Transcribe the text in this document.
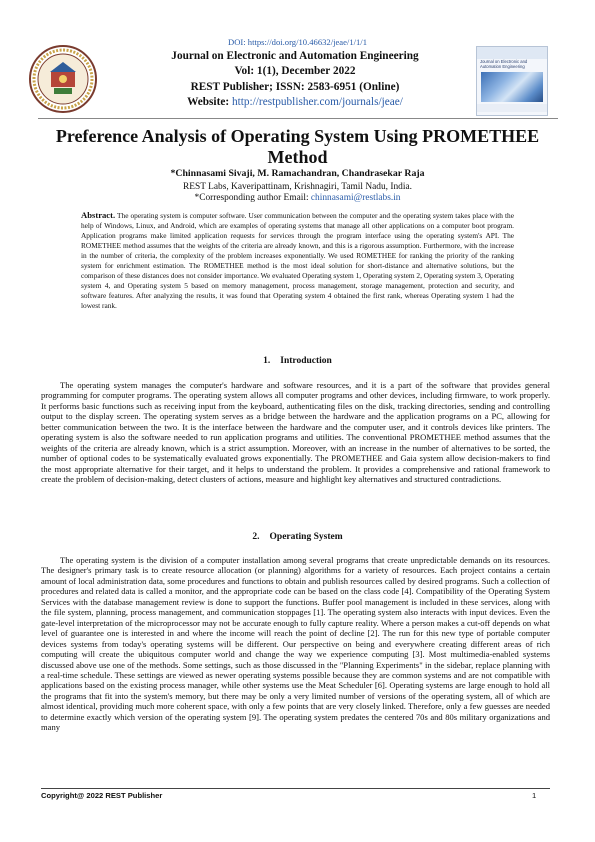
DOI: https://doi.org/10.46632/jeae/1/1/1
Journal on Electronic and Automation Engineering
Journal on Electronic and Automation Engineering
Vol: 1(1), December 2022
REST Publisher; ISSN: 2583-6951 (Online)
Website: http://restpublisher.com/journals/jeae/
Preference Analysis of Operating System Using PROMETHEE Method
*Chinnasami Sivaji, M. Ramachandran, Chandrasekar Raja
REST Labs, Kaveripattinam, Krishnagiri, Tamil Nadu, India.
*Corresponding author Email: chinnasami@restlabs.in
Abstract. The operating system is computer software. User communication between the computer and the operating system takes place with the help of Windows, Linux, and Android, which are examples of operating systems that manage all other applications on a computer boot program. Application programs make limited application requests for services through the program interface using the operating system's API. The ROMETHEE method assumes that the weights of the criteria are already known, and this is a rigorous assumption. Furthermore, with the increase in the number of criteria, the complexity of the problem increases exponentially. We used ROMETHEE for ranking the priority of the ranking system for enrichment estimation. The ROMETHEE method is the most ideal solution for short-distance and alternative solutions, but the comparison of these distances does not consider importance. We evaluated Operating system 1, Operating system 2, Operating system 3, Operating system 4, and Operating system 5 based on memory management, process management, storage management, protection and security, and software features. After analyzing the results, it was found that Operating system 4 obtained the first rank, whereas Operating system 1 had the lowest rank.
1. Introduction
The operating system manages the computer's hardware and software resources, and it is a part of the software that provides general programming for computer programs. The operating system allows all computer programs and other devices, including firmware, to work properly. It performs basic functions such as receiving input from the keyboard, authenticating files on the disk, tracking directories, sending and controlling output to the display screen. The operating system serves as a bridge between the hardware and the application programs on a PC, allowing for better communication between the two. It is the interface between the hardware and the computer user, and it controls devices like printers. The operating system is also the software needed to run application programs and utilities. The conventional PROMETHEE method assumes that the weights of the criteria are already known, which is a strict assumption. Moreover, with an increase in the number of alternatives to be sorted, the number of optional codes to be systematically evaluated grows exponentially. The PROMETHEE and Gaia system allow decision-makers to find the most appropriate alternative for their target, and it helps to understand the problem. It provides a comprehensive and rational framework to create the problem of decision-making, detect clusters of actions, measure and highlight key alternatives and structured contradictions.
2. Operating System
The operating system is the division of a computer installation among several programs that create unpredictable demands on its resources. The designer's primary task is to create resource allocation (or planning) algorithms for a variety of resources. Each project contains a certain amount of local administration data, some procedures and functions to obtain and publish resources called by desired programs. Such a collection of procedures and related data is called a monitor, and the appropriate code can be based on the class code [4]. Compatibility of the Operating System Services with the database management review is done to support the functions. Buffer pool management is included in these services, along with the file system, planning, process management, and communication stoppages [1]. The operating system also interacts with input devices. Even the gate-level interpretation of the microprocessor may not be accurate enough to fully capture reality. Where a person makes a cut-off depends on what level of guarantee one is interested in and where the income will reach the point of decline [2]. The run for this new type of portable computer devices systems from today's operating systems will be different. Our perspective on being and everywhere creating different areas of rich computing will create the ubiquitous computer world and change the way we experience computing [3]. Most multimedia-enabled systems discussed above use one of the methods. Some settings, such as those discussed in the "Planning Experiments" in the sidebar, replace planning with a real-time schedule. These settings are viewed as newer operating systems possible because they are common systems and are not compatible with applications based on the existing process manager, while other systems use the Meat Scheduler [6]. Operating systems are large enough to hold all the programs that fit into the system's memory, but there may be only a very limited number of versions of the operating system, all of which are almost identical, providing much more coherent space, with only a few points that are very closely linked. Therefore, only a few guesses are needed to determine exactly which version of the operating system [9]. The operating system predates the centered 70s and 80s military organizations and many
Copyright@ 2022 REST Publisher	1
